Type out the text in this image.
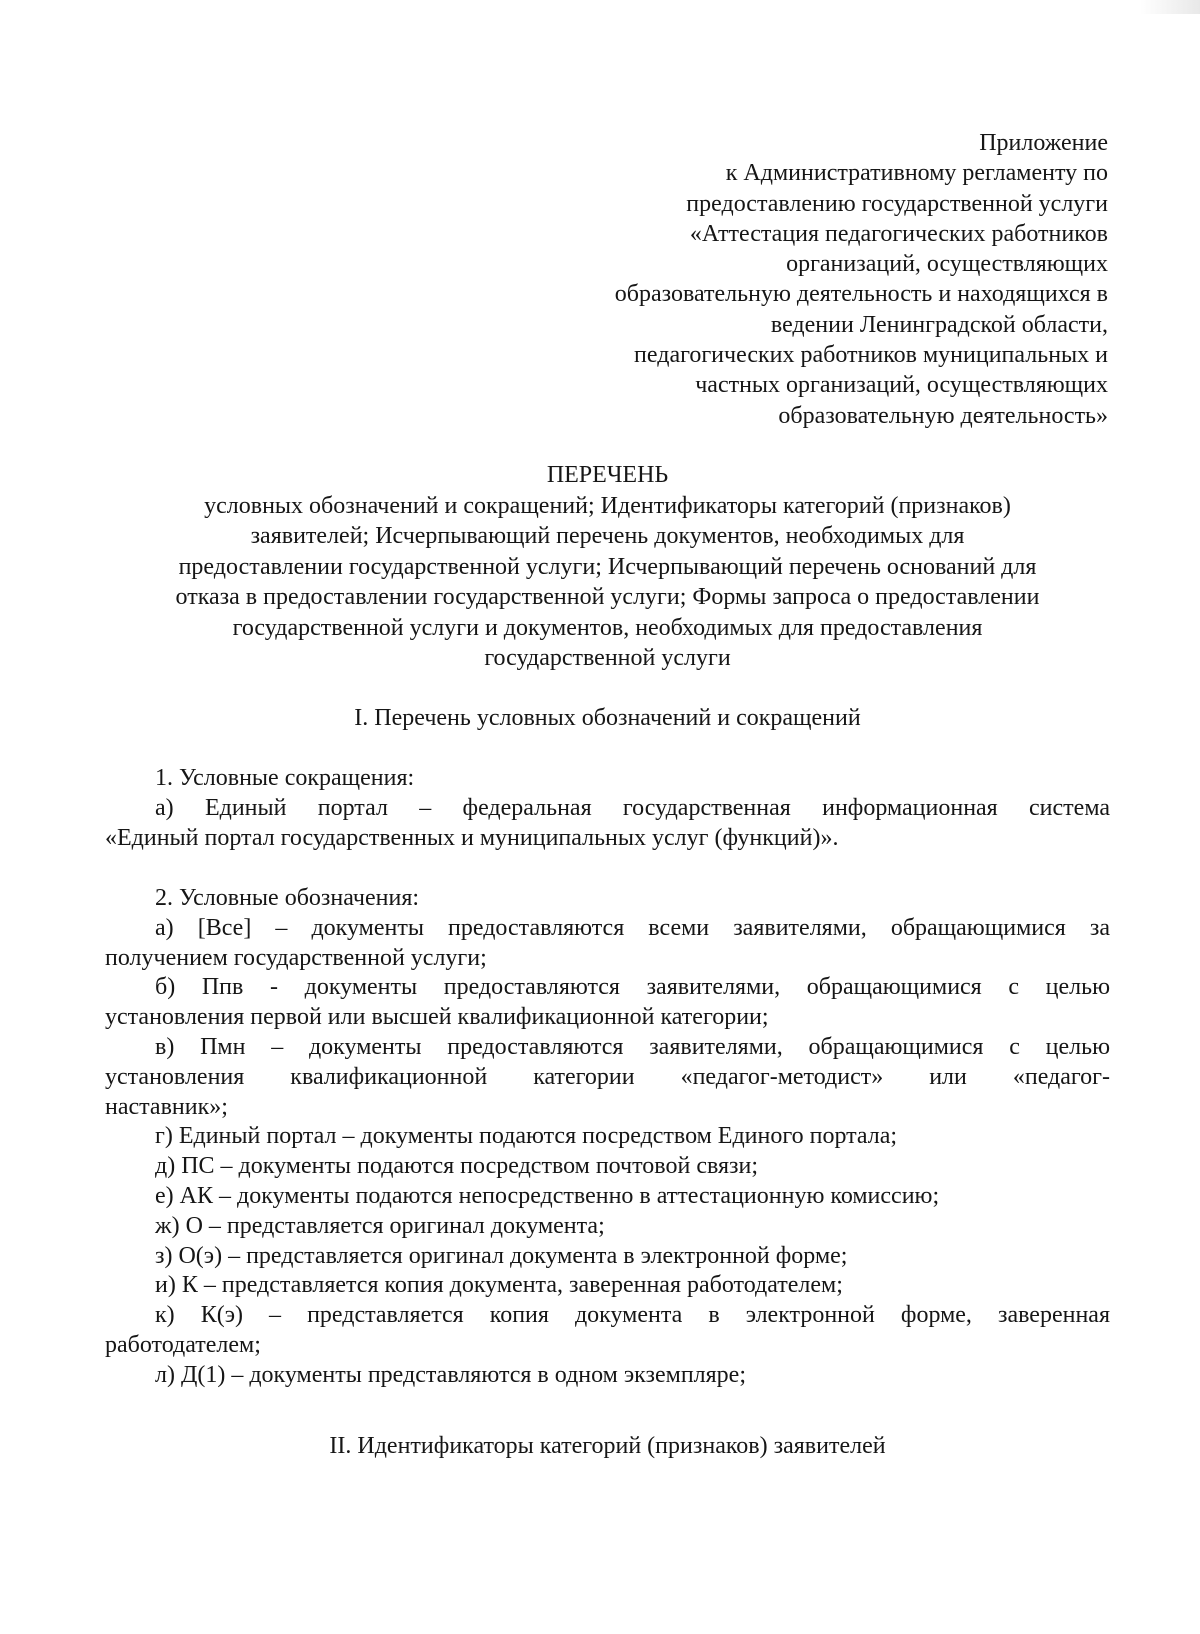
Приложение
к Административному регламенту по
предоставлению государственной услуги
«Аттестация педагогических работников
организаций, осуществляющих
образовательную деятельность и находящихся в
ведении Ленинградской области,
педагогических работников муниципальных и
частных организаций, осуществляющих
образовательную деятельность»
ПЕРЕЧЕНЬ
условных обозначений и сокращений; Идентификаторы категорий (признаков)
заявителей; Исчерпывающий перечень документов, необходимых для
предоставлении государственной услуги; Исчерпывающий перечень оснований для
отказа в предоставлении государственной услуги; Формы запроса о предоставлении
государственной услуги и документов, необходимых для предоставления
государственной услуги
I. Перечень условных обозначений и сокращений
1. Условные сокращения:
а) Единый портал – федеральная государственная информационная система
«Единый портал государственных и муниципальных услуг (функций)».
2. Условные обозначения:
а) [Все] – документы предоставляются всеми заявителями, обращающимися за
получением государственной услуги;
б) Ппв - документы предоставляются заявителями, обращающимися с целью
установления первой или высшей квалификационной категории;
в) Пмн – документы предоставляются заявителями, обращающимися с целью
установления квалификационной категории «педагог-методист» или «педагог-
наставник»;
г) Единый портал – документы подаются посредством Единого портала;
д) ПС – документы подаются посредством почтовой связи;
е) АК – документы подаются непосредственно в аттестационную комиссию;
ж) О – представляется оригинал документа;
з) О(э) – представляется оригинал документа в электронной форме;
и) К – представляется копия документа, заверенная работодателем;
к) К(э) – представляется копия документа в электронной форме, заверенная
работодателем;
л) Д(1) – документы представляются в одном экземпляре;
II. Идентификаторы категорий (признаков) заявителей
